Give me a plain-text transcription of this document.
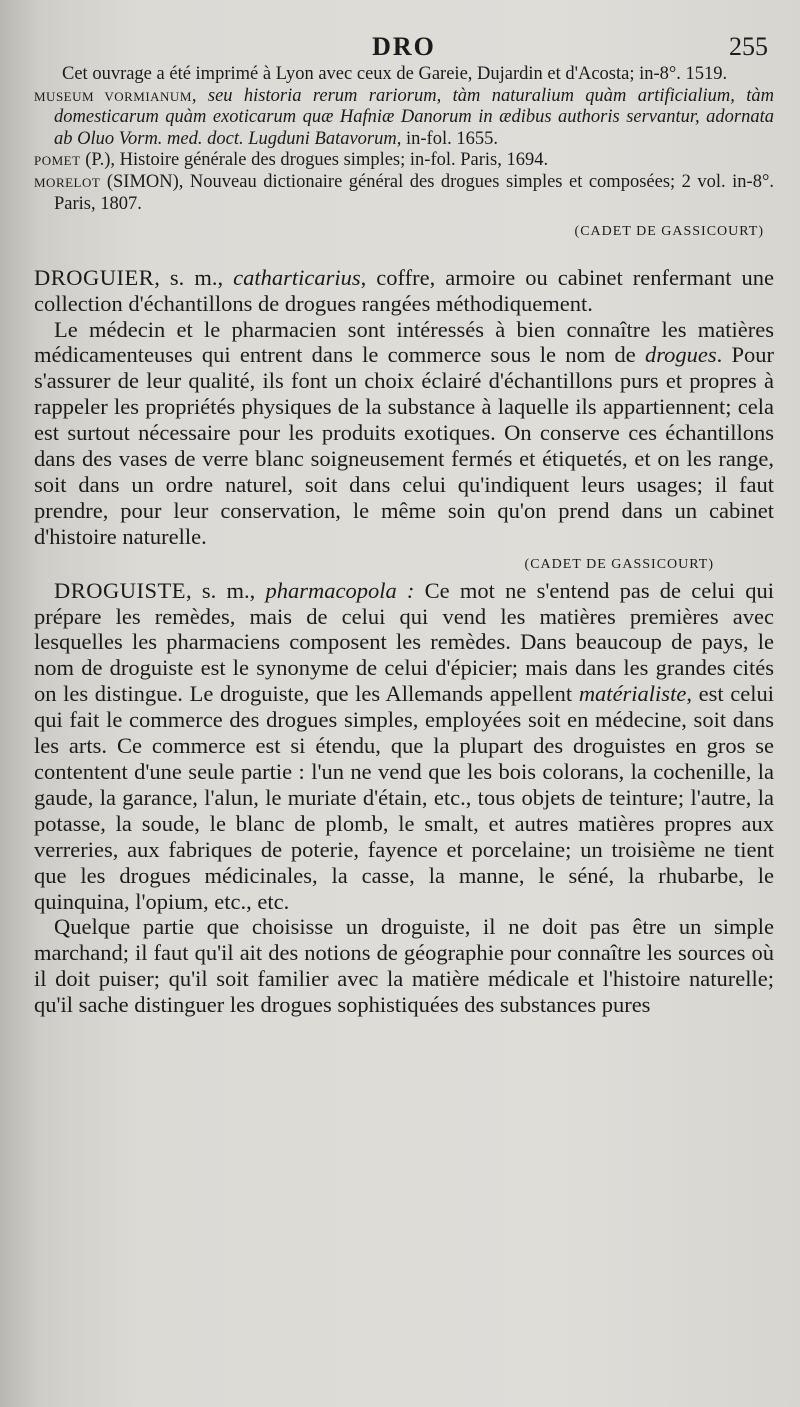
DRO	255

Cet ouvrage a été imprimé à Lyon avec ceux de Gareie, Dujardin et d'Acosta; in-8°. 1519.

MUSEUM VORMIANUM, seu historia rerum rariorum, tàm naturalium quàm artificialium, tàm domesticarum quàm exoticarum quæ Hafniæ Danorum in ædibus authoris servantur, adornata ab Oluo Vorm. med. doct. Lugduni Batavorum, in-fol. 1655.

POMET (P.), Histoire générale des drogues simples; in-fol. Paris, 1694.

MORELOT (SIMON), Nouveau dictionaire général des drogues simples et composées; 2 vol. in-8°. Paris, 1807.

(CADET DE GASSICOURT)

DROGUIER, s. m., catharticarius, coffre, armoire ou cabinet renfermant une collection d'échantillons de drogues rangées méthodiquement.

Le médecin et le pharmacien sont intéressés à bien connaître les matières médicamenteuses qui entrent dans le commerce sous le nom de drogues. Pour s'assurer de leur qualité, ils font un choix éclairé d'échantillons purs et propres à rappeler les propriétés physiques de la substance à laquelle ils appartiennent; cela est surtout nécessaire pour les produits exotiques. On conserve ces échantillons dans des vases de verre blanc soigneusement fermés et étiquetés, et on les range, soit dans un ordre naturel, soit dans celui qu'indiquent leurs usages; il faut prendre, pour leur conservation, le même soin qu'on prend dans un cabinet d'histoire naturelle.

(CADET DE GASSICOURT)

DROGUISTE, s. m., pharmacopola : Ce mot ne s'entend pas de celui qui prépare les remèdes, mais de celui qui vend les matières premières avec lesquelles les pharmaciens composent les remèdes. Dans beaucoup de pays, le nom de droguiste est le synonyme de celui d'épicier; mais dans les grandes cités on les distingue. Le droguiste, que les Allemands appellent matérialiste, est celui qui fait le commerce des drogues simples, employées soit en médecine, soit dans les arts. Ce commerce est si étendu, que la plupart des droguistes en gros se contentent d'une seule partie : l'un ne vend que les bois colorans, la cochenille, la gaude, la garance, l'alun, le muriate d'étain, etc., tous objets de teinture; l'autre, la potasse, la soude, le blanc de plomb, le smalt, et autres matières propres aux verreries, aux fabriques de poterie, fayence et porcelaine; un troisième ne tient que les drogues médicinales, la casse, la manne, le séné, la rhubarbe, le quinquina, l'opium, etc., etc.

Quelque partie que choisisse un droguiste, il ne doit pas être un simple marchand; il faut qu'il ait des notions de géographie pour connaître les sources où il doit puiser; qu'il soit familier avec la matière médicale et l'histoire naturelle; qu'il sache distinguer les drogues sophistiquées des substances pures
